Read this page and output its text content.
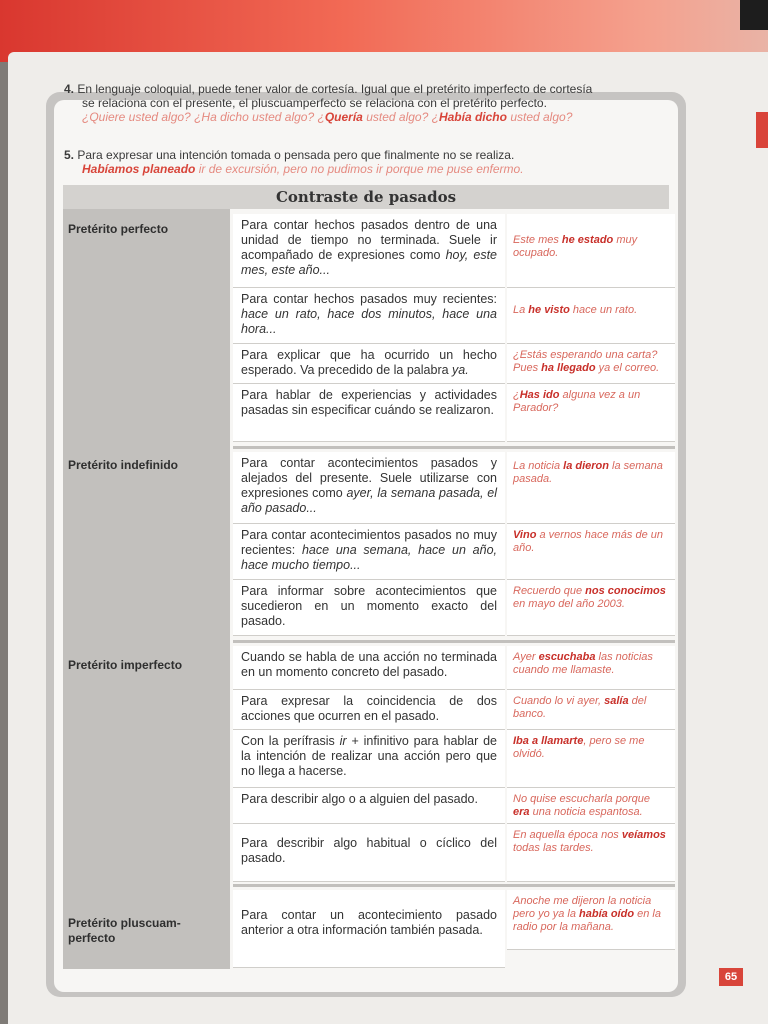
4. En lenguaje coloquial, puede tener valor de cortesía. Igual que el pretérito imperfecto de cortesía
se relaciona con el presente, el pluscuamperfecto se relaciona con el pretérito perfecto.
¿Quiere usted algo? ¿Ha dicho usted algo? ¿Quería usted algo? ¿Había dicho usted algo?
5. Para expresar una intención tomada o pensada pero que finalmente no se realiza.
Habíamos planeado ir de excursión, pero no pudimos ir porque me puse enfermo.
Contraste de pasados
Pretérito perfecto
Pretérito indefinido
Pretérito imperfecto
Pretérito pluscuam-
perfecto
Para contar hechos pasados dentro de una unidad de tiempo no terminada. Suele ir acompañado de expresiones como hoy, este mes, este año...
Este mes he estado muy ocupado.
Para contar hechos pasados muy recientes: hace un rato, hace dos minutos, hace una hora...
La he visto hace un rato.
Para explicar que ha ocurrido un hecho esperado. Va precedido de la palabra ya.
¿Estás esperando una carta? Pues ha llegado ya el correo.
Para hablar de experiencias y actividades pasadas sin especificar cuándo se realizaron.
¿Has ido alguna vez a un Parador?
Para contar acontecimientos pasados y alejados del presente. Suele utilizarse con expresiones como ayer, la semana pasada, el año pasado...
La noticia la dieron la semana pasada.
Para contar acontecimientos pasados no muy recientes: hace una semana, hace un año, hace mucho tiempo...
Vino a vernos hace más de un año.
Para informar sobre acontecimientos que sucedieron en un momento exacto del pasado.
Recuerdo que nos conocimos en mayo del año 2003.
Cuando se habla de una acción no terminada en un momento concreto del pasado.
Ayer escuchaba las noticias cuando me llamaste.
Para expresar la coincidencia de dos acciones que ocurren en el pasado.
Cuando lo vi ayer, salía del banco.
Con la perífrasis ir + infinitivo para hablar de la intención de realizar una acción pero que no llega a hacerse.
Iba a llamarte, pero se me olvidó.
Para describir algo o a alguien del pasado.	No quise escucharla porque era una noticia espantosa.
Para describir algo habitual o cíclico del pasado.
En aquella época nos veíamos todas las tardes.
Para contar un acontecimiento pasado anterior a otra información también pasada.
Anoche me dijeron la noticia pero yo ya la había oído en la radio por la mañana.
65
